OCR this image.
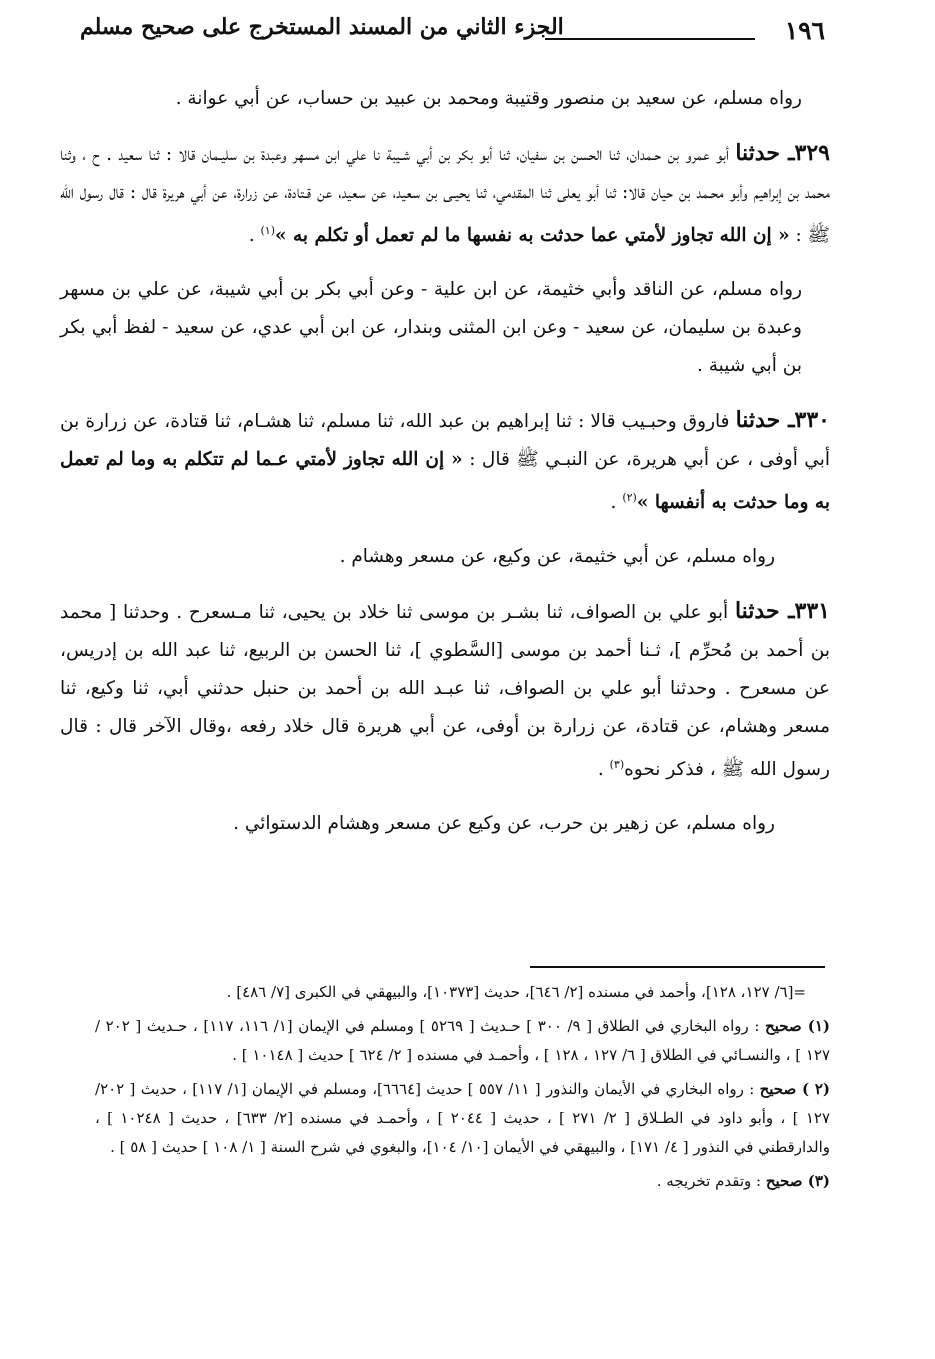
١٩٦
الجزء الثاني من المسند المستخرج على صحيح مسلم

رواه مسلم، عن سعيد بن منصور وقتيبة ومحمد بن عبيد بن حساب، عن أبي عوانة .

٣٢٩ـ حدثنا أبو عمرو بن حـمدان، ثنا الحسن بن سفيان، ثنا أبو بكر بن أبي شـيبة نا علي ابن مسهر وعبدة بن سليـمان قالا : ثنا سعيد . ح ، وثنا محمد بن إبراهيم وأبو محـمد بن حيان قالا: ثنا أبو يعلى ثنا المقدمي، ثنا يحيـى بن سعيد، عن سعيد، عن قـتادة، عن زرارة، عن أبي هريرة قال : قال رسول الله ﷺ : « إن الله تجاوز لأمتي عما حدثت به نفسها ما لم تعمل أو تكلم به »$^{(١)}$ .

رواه مسلم، عن الناقد وأبي خثيمة، عن ابن علية - وعن أبي بكر بن أبي شيبة، عن علي بن مسهر وعبدة بن سليمان، عن سعيد - وعن ابن المثنى وبندار، عن ابن أبي عدي، عن سعيد - لفظ أبي بكر بن أبي شيبة .

٣٣٠ـ حدثنا فاروق وحبـيب قالا : ثنا إبراهيم بن عبد الله، ثنا مسلم، ثنا هشـام، ثنا قتادة، عن زرارة بن أبي أوفى ، عن أبي هريرة، عن النبـي ﷺ قال : « إن الله تجاوز لأمتي عـما لم تتكلم به وما لم تعمل به وما حدثت به أنفسها »$^{(٢)}$ .

رواه مسلم، عن أبي خثيمة، عن وكيع، عن مسعر وهشام .

٣٣١ـ حدثنا أبو علي بن الصواف، ثنا بشـر بن موسى ثنا خلاد بن يحيى، ثنا مـسعرح . وحدثنا [ محمد بن أحمد بن مُحرِّم ]، ثـنا أحمد بن موسى [السَّطوي ]، ثنا الحسن بن الربيع، ثنا عبد الله بن إدريس، عن مسعرح . وحدثنا أبو علي بن الصواف، ثنا عبـد الله بن أحمد بن حنبل حدثني أبي، ثنا وكيع، ثنا مسعر وهشام، عن قتادة، عن زرارة بن أوفى، عن أبي هريرة قال خلاد رفعه ،وقال الآخر قال : قال رسول الله ﷺ ، فذكر نحوه$^{(٣)}$ .

رواه مسلم، عن زهير بن حرب، عن وكيع عن مسعر وهشام الدستوائي .

=[٦/ ١٢٧، ١٢٨]، وأحمد في مسنده [٢/ ٦٤٦]، حديث [١٠٣٧٣]، والبيهقي في الكبرى [٧/ ٤٨٦] .

(١) صحيح : رواه البخاري في الطلاق [ ٩/ ٣٠٠ ] حـديث [ ٥٢٦٩ ] ومسلم في الإيمان [١/ ١١٦، ١١٧] ، حـديث [ ٢٠٢ / ١٢٧ ] ، والنسـائي في الطلاق [ ٦/ ١٢٧ ، ١٢٨ ] ، وأحمـد في مسنده [ ٢/ ٦٢٤ ] حديث [ ١٠١٤٨ ] .

(٢ ) صحيح : رواه البخاري في الأيمان والنذور [ ١١/ ٥٥٧ ] حديث [٦٦٦٤]، ومسلم في الإيمان [١/ ١١٧] ، حديث [ ٢٠٢/ ١٢٧ ] ، وأبو داود في الطـلاق [ ٢/ ٢٧١ ] ، حديث [ ٢٠٤٤ ] ، وأحمـد في مسنده [٢/ ٦٣٣] ، حديث [ ١٠٢٤٨ ] ، والدارقطني في النذور [ ٤/ ١٧١] ، والبيهقي في الأيمان [١٠/ ١٠٤]، والبغوي في شرح السنة [ ١/ ١٠٨ ] حديث [ ٥٨ ] .

(٣) صحيح : وتقدم تخريجه .
